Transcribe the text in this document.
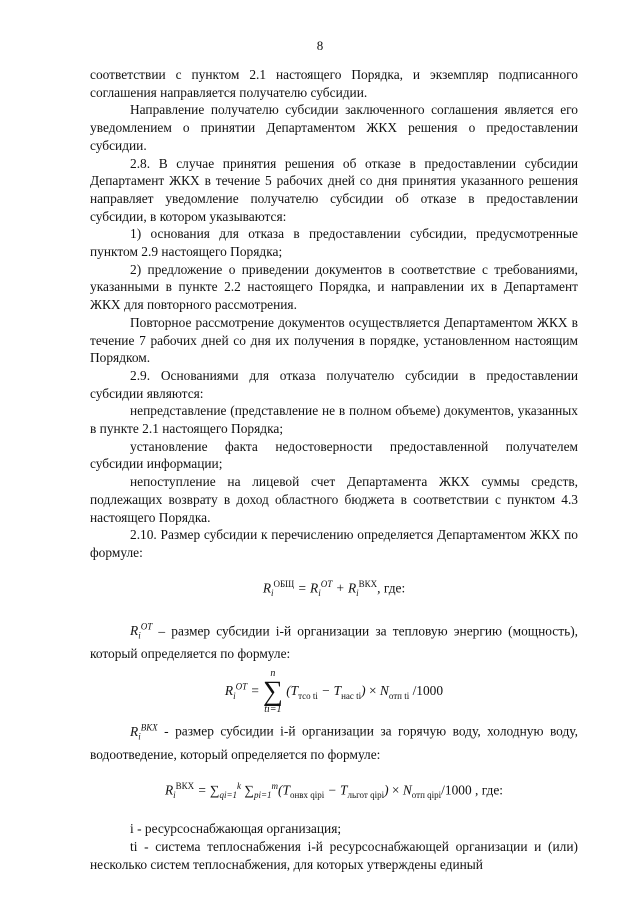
8

соответствии с пунктом 2.1 настоящего Порядка, и экземпляр подписанного соглашения направляется получателю субсидии.

Направление получателю субсидии заключенного соглашения является его уведомлением о принятии Департаментом ЖКХ решения о предоставлении субсидии.

2.8. В случае принятия решения об отказе в предоставлении субсидии Департамент ЖКХ в течение 5 рабочих дней со дня принятия указанного решения направляет уведомление получателю субсидии об отказе в предоставлении субсидии, в котором указываются:

1) основания для отказа в предоставлении субсидии, предусмотренные пунктом 2.9 настоящего Порядка;

2) предложение о приведении документов в соответствие с требованиями, указанными в пункте 2.2 настоящего Порядка, и направлении их в Департамент ЖКХ для повторного рассмотрения.

Повторное рассмотрение документов осуществляется Департаментом ЖКХ в течение 7 рабочих дней со дня их получения в порядке, установленном настоящим Порядком.

2.9. Основаниями для отказа получателю субсидии в предоставлении субсидии являются:

непредставление (представление не в полном объеме) документов, указанных в пункте 2.1 настоящего Порядка;

установление факта недостоверности предоставленной получателем субсидии информации;

непоступление на лицевой счет Департамента ЖКХ суммы средств, подлежащих возврату в доход областного бюджета в соответствии с пунктом 4.3 настоящего Порядка.

2.10. Размер субсидии к перечислению определяется Департаментом ЖКХ по формуле:

$R_i^{ОБЩ} = R_i^{OT} + R_i^{ВКХ}$, где:

$R_i^{OT}$ – размер субсидии i-й организации за тепловую энергию (мощность), который определяется по формуле:

$R_i^{OT}$ =
n
∑
ti=1
$(T_{тсо ti} - T_{нас ti}) \times N_{отп ti}$ /1000

$R_i^{ВКХ}$ - размер субсидии i-й организации за горячую воду, холодную воду, водоотведение, который определяется по формуле:

$R_i^{ВКХ} = \sum_{qi=1}^k$ $\sum_{pi=1}^m(T_{онвх qipi} - T_{льгот qipi}) \times N_{отп qipi}/1000$ , где:

i - ресурсоснабжающая организация;

ti - система теплоснабжения i-й ресурсоснабжающей организации и (или) несколько систем теплоснабжения, для которых утверждены единый
